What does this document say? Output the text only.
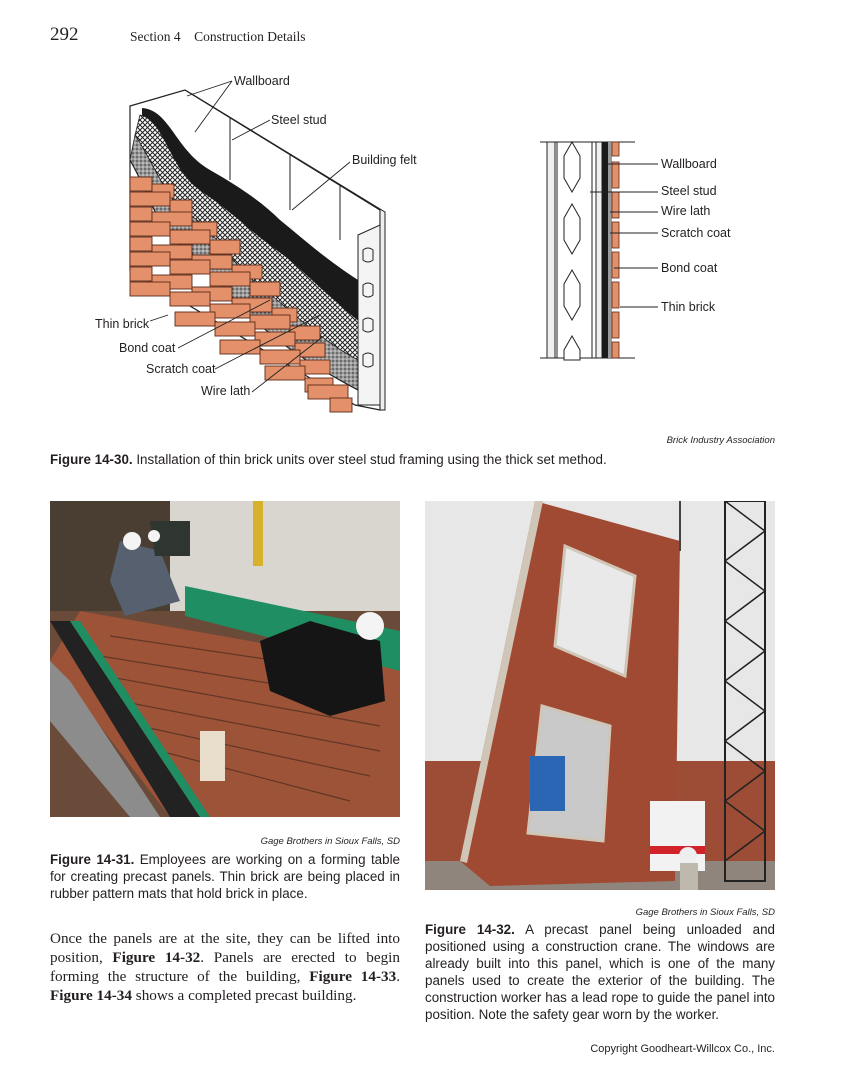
292	Section 4    Construction Details
Wallboard
Steel stud
Building felt
Thin brick
Bond coat
Scratch coat
Wire lath
Wallboard
Steel stud
Wire lath
Scratch coat
Bond coat
Thin brick
Brick Industry Association
Figure 14-30. Installation of thin brick units over steel stud framing using the thick set method.
Gage Brothers in Sioux Falls, SD
Figure 14-31. Employees are working on a forming table for creating precast panels. Thin brick are being placed in rubber pattern mats that hold brick in place.
Gage Brothers in Sioux Falls, SD
Figure 14-32. A precast panel being unloaded and positioned using a construction crane. The windows are already built into this panel, which is one of the many panels used to create the exterior of the building. The construction worker has a lead rope to guide the panel into position. Note the safety gear worn by the worker.

Once the panels are at the site, they can be lifted into position, Figure 14-32. Panels are erected to begin forming the structure of the building, Figure 14-33. Figure 14-34 shows a completed precast building.

Copyright Goodheart-Willcox Co., Inc.
